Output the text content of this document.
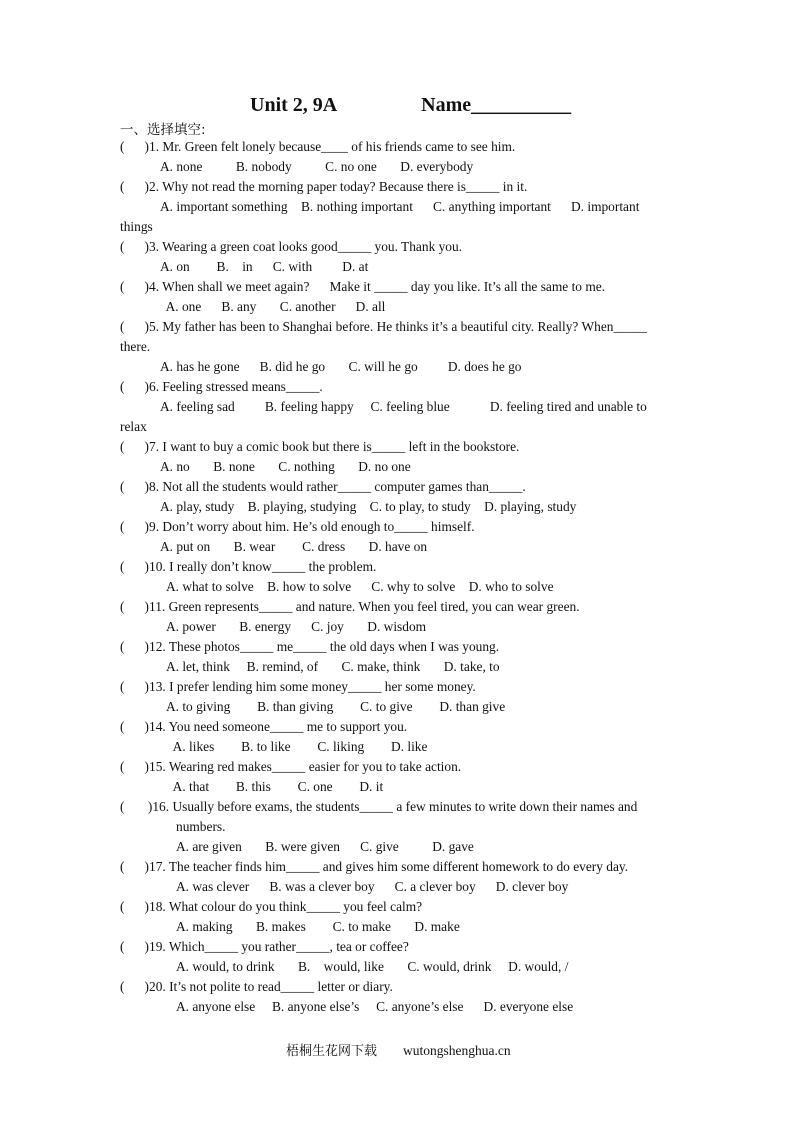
Unit 2, 9A                 Name__________
一、选择填空:
(      )1. Mr. Green felt lonely because____ of his friends came to see him.
A. none          B. nobody          C. no one       D. everybody
(      )2. Why not read the morning paper today? Because there is_____ in it.
A. important something    B. nothing important      C. anything important      D. important
things
(      )3. Wearing a green coat looks good_____ you. Thank you.
A. on        B.    in      C. with         D. at
(      )4. When shall we meet again?      Make it _____ day you like. It’s all the same to me.
A. one      B. any       C. another      D. all
(      )5. My father has been to Shanghai before. He thinks it’s a beautiful city. Really? When_____
there.
A. has he gone      B. did he go       C. will he go         D. does he go
(      )6. Feeling stressed means_____.
A. feeling sad         B. feeling happy     C. feeling blue            D. feeling tired and unable to
relax
(      )7. I want to buy a comic book but there is_____ left in the bookstore.
A. no       B. none       C. nothing       D. no one
(      )8. Not all the students would rather_____ computer games than_____.
A. play, study    B. playing, studying    C. to play, to study    D. playing, study
(      )9. Don’t worry about him. He’s old enough to_____ himself.
A. put on       B. wear        C. dress       D. have on
(      )10. I really don’t know_____ the problem.
A. what to solve    B. how to solve      C. why to solve    D. who to solve
(      )11. Green represents_____ and nature. When you feel tired, you can wear green.
A. power       B. energy      C. joy       D. wisdom
(      )12. These photos_____ me_____ the old days when I was young.
A. let, think     B. remind, of       C. make, think       D. take, to
(      )13. I prefer lending him some money_____ her some money.
A. to giving        B. than giving        C. to give        D. than give
(      )14. You need someone_____ me to support you.
A. likes        B. to like        C. liking        D. like
(      )15. Wearing red makes_____ easier for you to take action.
A. that        B. this        C. one        D. it
(       )16. Usually before exams, the students_____ a few minutes to write down their names and
numbers.
A. are given       B. were given      C. give          D. gave
(      )17. The teacher finds him_____ and gives him some different homework to do every day.
A. was clever      B. was a clever boy      C. a clever boy      D. clever boy
(      )18. What colour do you think_____ you feel calm?
A. making       B. makes        C. to make       D. make
(      )19. Which_____ you rather_____, tea or coffee?
A. would, to drink       B.    would, like       C. would, drink     D. would, /
(      )20. It’s not polite to read_____ letter or diary.
A. anyone else     B. anyone else’s     C. anyone’s else      D. everyone else
梧桐生花网下载 wutongshenghua.cn
